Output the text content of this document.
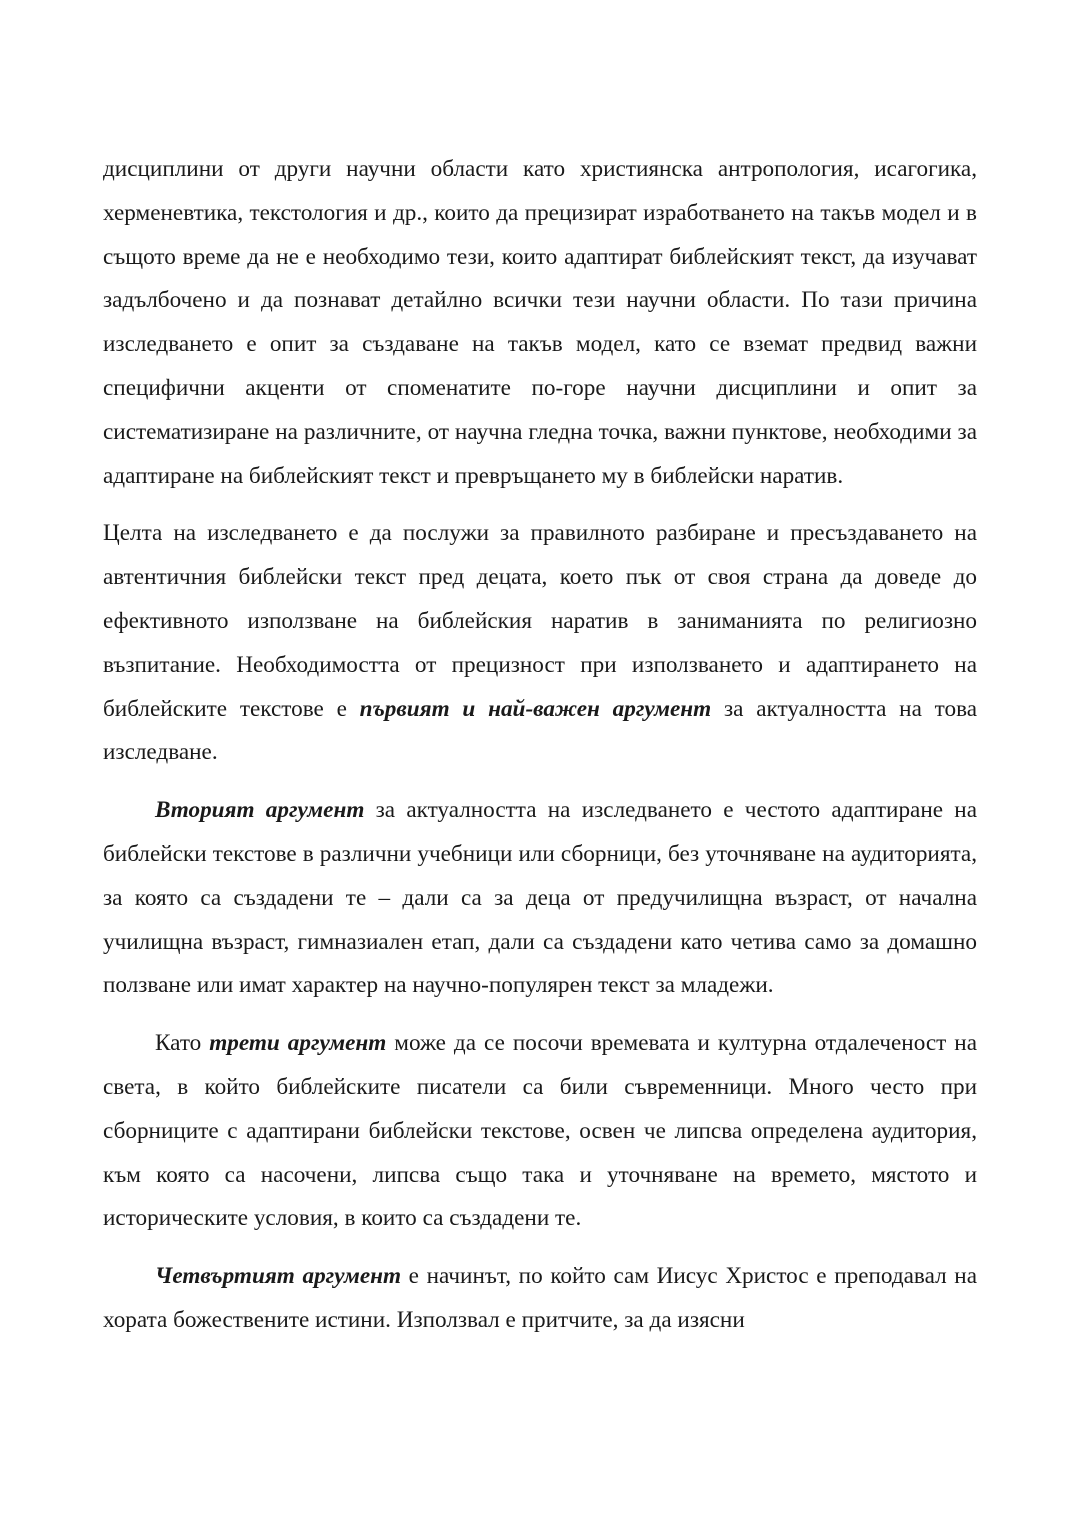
дисциплини от други научни области като християнска антропология, исагогика, херменевтика, текстология и др., които да прецизират изработването на такъв модел и в същото време да не е необходимо тези, които адаптират библейският текст, да изучават задълбочено и да познават детайлно всички тези научни области. По тази причина изследването е опит за създаване на такъв модел, като се вземат предвид важни специфични акценти от споменатите по-горе научни дисциплини и опит за систематизиране на различните, от научна гледна точка, важни пунктове, необходими за адаптиране на библейският текст и превръщането му в библейски наратив.

Целта на изследването е да послужи за правилното разбиране и пресъздаването на автентичния библейски текст пред децата, което пък от своя страна да доведе до ефективното използване на библейския наратив в заниманията по религиозно възпитание. Необходимостта от прецизност при използването и адаптирането на библейските текстове е първият и най-важен аргумент за актуалността на това изследване.

Вторият аргумент за актуалността на изследването е честото адаптиране на библейски текстове в различни учебници или сборници, без уточняване на аудиторията, за която са създадени те – дали са за деца от предучилищна възраст, от начална училищна възраст, гимназиален етап, дали са създадени като четива само за домашно ползване или имат характер на научно-популярен текст за младежи.

Като трети аргумент може да се посочи времевата и културна отдалеченост на света, в който библейските писатели са били съвременници. Много често при сборниците с адаптирани библейски текстове, освен че липсва определена аудитория, към която са насочени, липсва също така и уточняване на времето, мястото и историческите условия, в които са създадени те.

Четвъртият аргумент е начинът, по който сам Иисус Христос е преподавал на хората божествените истини. Използвал е притчите, за да изясни
